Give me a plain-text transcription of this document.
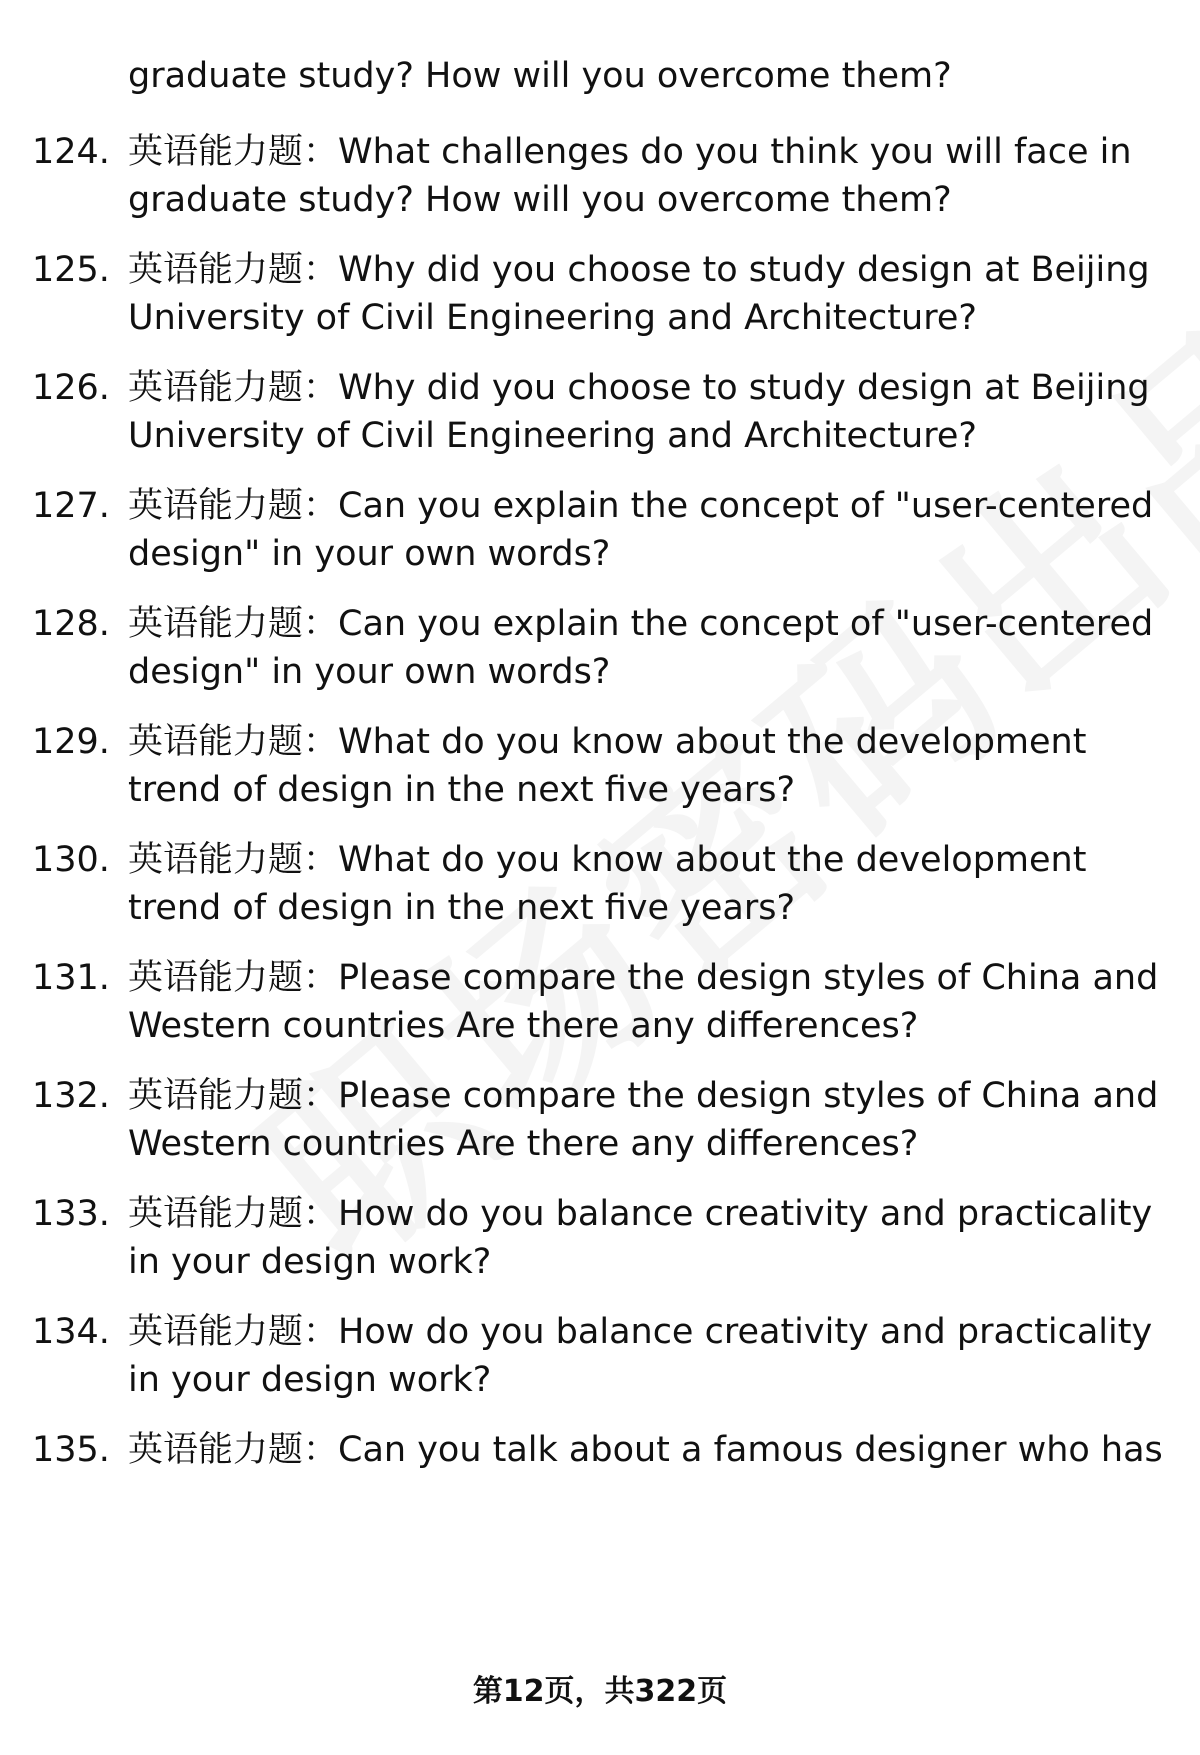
graduate study? How will you overcome them?
124. 英语能力题：What challenges do you think you will face in
graduate study? How will you overcome them?
125. 英语能力题：Why did you choose to study design at Beijing
University of Civil Engineering and Architecture?
126. 英语能力题：Why did you choose to study design at Beijing
University of Civil Engineering and Architecture?
127. 英语能力题：Can you explain the concept of "user-centered
design" in your own words?
128. 英语能力题：Can you explain the concept of "user-centered
design" in your own words?
129. 英语能力题：What do you know about the development
trend of design in the next five years?
130. 英语能力题：What do you know about the development
trend of design in the next five years?
131. 英语能力题：Please compare the design styles of China and
Western countries Are there any differences?
132. 英语能力题：Please compare the design styles of China and
Western countries Are there any differences?
133. 英语能力题：How do you balance creativity and practicality
in your design work?
134. 英语能力题：How do you balance creativity and practicality
in your design work?
135. 英语能力题：Can you talk about a famous designer who has
第12页，共322页
